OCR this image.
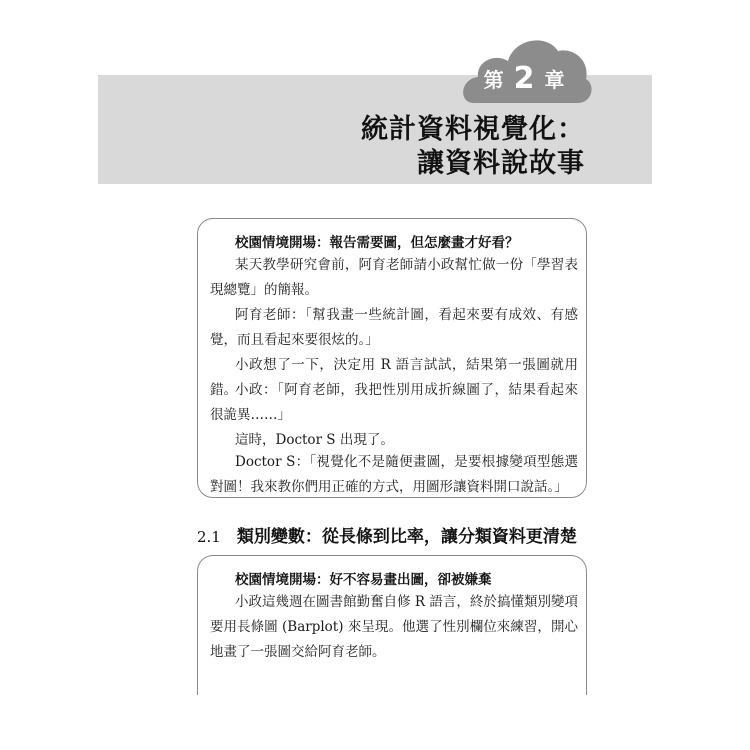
第 2 章
統計資料視覺化：
讓資料說故事
校園情境開場：報告需要圖，但怎麼畫才好看？

某天教學研究會前，阿育老師請小政幫忙做一份「學習表現總覽」的簡報。

阿育老師：「幫我畫一些統計圖，看起來要有成效、有感覺，而且看起來要很炫的。」

小政想了一下，決定用 R 語言試試，結果第一張圖就用錯。

小政：「阿育老師，我把性別用成折線圖了，結果看起來很詭異……」

這時，Doctor S 出現了。

Doctor S：「視覺化不是隨便畫圖，是要根據變項型態選對圖！我來教你們用正確的方式，用圖形讓資料開口說話。」

2.1 類別變數：從長條到比率，讓分類資料更清楚
校園情境開場：好不容易畫出圖，卻被嫌棄

小政這幾週在圖書館勤奮自修 R 語言，終於搞懂類別變項要用長條圖 (Barplot) 來呈現。他選了性別欄位來練習，開心地畫了一張圖交給阿育老師。
